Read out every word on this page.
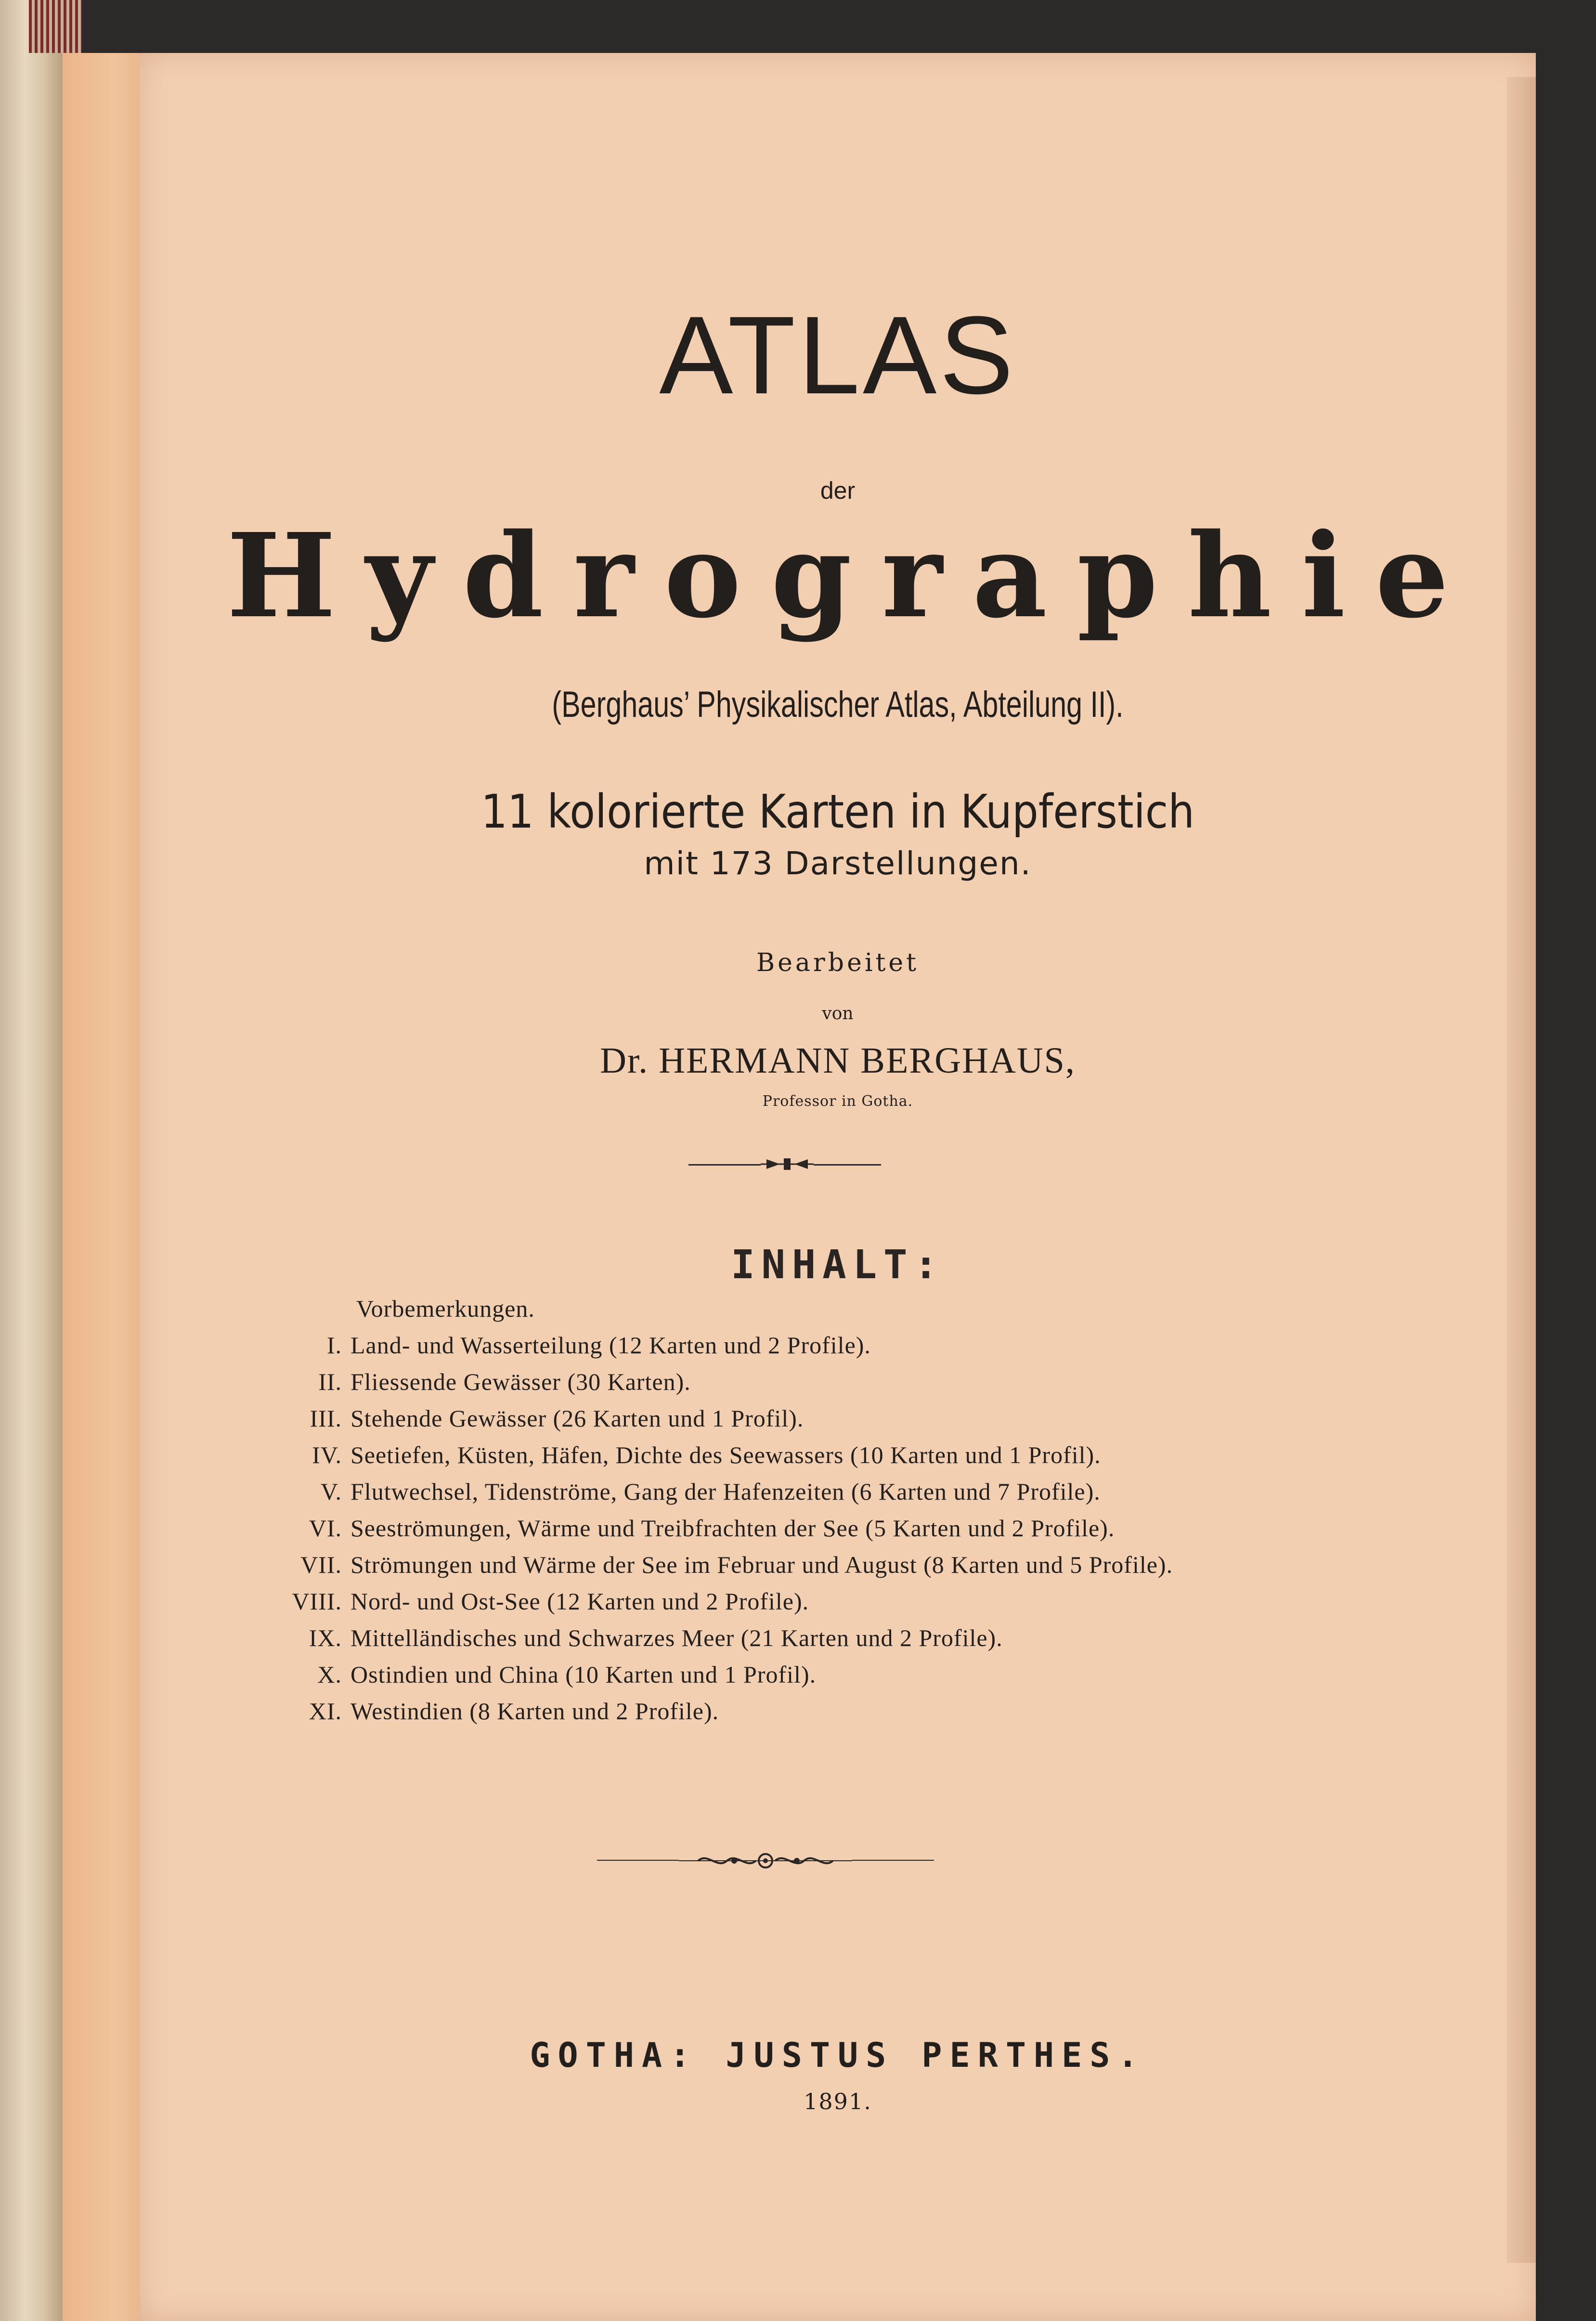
ATLAS
der
Hydrographie
(Berghaus’ Physikalischer Atlas, Abteilung II).
11 kolorierte Karten in Kupferstich
mit 173 Darstellungen.
Bearbeitet
von
Dr. HERMANN BERGHAUS,
Professor in Gotha.
INHALT:
Vorbemerkungen.
I. Land- und Wasserteilung (12 Karten und 2 Profile).
II. Fliessende Gewässer (30 Karten).
III. Stehende Gewässer (26 Karten und 1 Profil).
IV. Seetiefen, Küsten, Häfen, Dichte des Seewassers (10 Karten und 1 Profil).
V. Flutwechsel, Tidenströme, Gang der Hafenzeiten (6 Karten und 7 Profile).
VI. Seeströmungen, Wärme und Treibfrachten der See (5 Karten und 2 Profile).
VII. Strömungen und Wärme der See im Februar und August (8 Karten und 5 Profile).
VIII. Nord- und Ost-See (12 Karten und 2 Profile).
IX. Mittelländisches und Schwarzes Meer (21 Karten und 2 Profile).
X. Ostindien und China (10 Karten und 1 Profil).
XI. Westindien (8 Karten und 2 Profile).
GOTHA: JUSTUS PERTHES.
1891.
